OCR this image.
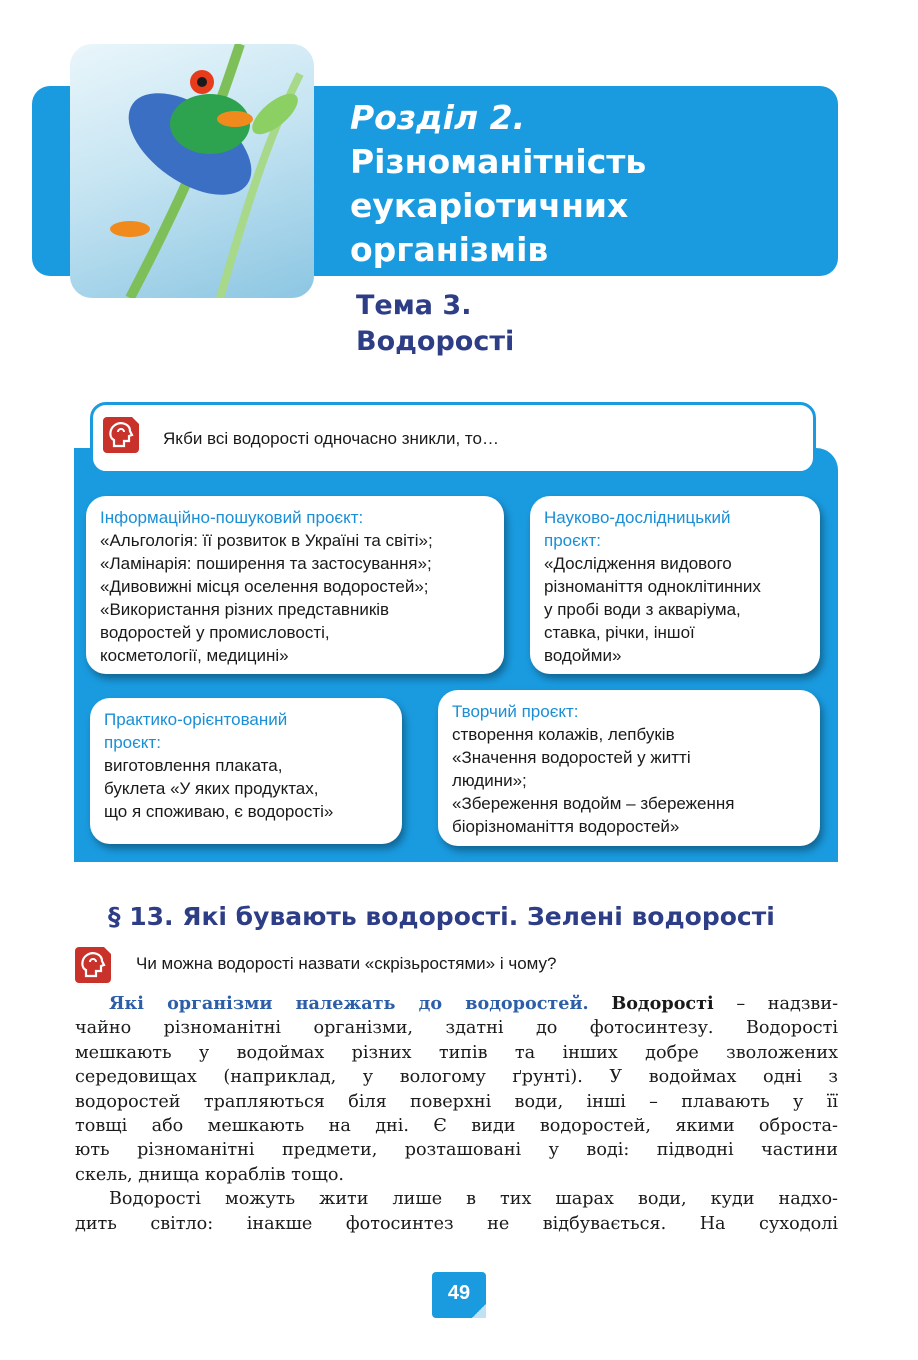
Розділ 2.
Різноманітність
еукаріотичних
організмів
Тема 3.
Водорості
Якби всі водорості одночасно зникли, то…
Інформаційно-пошуковий проєкт:
«Альгологія: її розвиток в Україні та світі»;
«Ламінарія: поширення та застосування»;
«Дивовижні місця оселення водоростей»;
«Використання різних представників
водоростей у промисловості,
косметології, медицині»
Науково-дослідницький
проєкт:
«Дослідження видового
різноманіття одноклітинних
у пробі води з акваріума,
ставка, річки, іншої
водойми»
Практико-орієнтований
проєкт:
виготовлення плаката,
буклета «У яких продуктах,
що я споживаю, є водорості»
Творчий проєкт:
створення колажів, лепбуків
«Значення водоростей у житті
людини»;
«Збереження водойм – збереження
біорізноманіття водоростей»
§ 13. Які бувають водорості. Зелені водорості
Чи можна водорості назвати «скрізьростями» і чому?
Які організми належать до водоростей. Водорості – надзви-
чайно різноманітні організми, здатні до фотосинтезу. Водорості
мешкають у водоймах різних типів та інших добре зволожених
середовищах (наприклад, у вологому ґрунті). У водоймах одні з
водоростей трапляються біля поверхні води, інші – плавають у її
товщі або мешкають на дні. Є види водоростей, якими оброста-
ють різноманітні предмети, розташовані у воді: підводні частини
скель, днища кораблів тощо.
Водорості можуть жити лише в тих шарах води, куди надхо-
дить світло: інакше фотосинтез не відбувається. На суходолі
49
